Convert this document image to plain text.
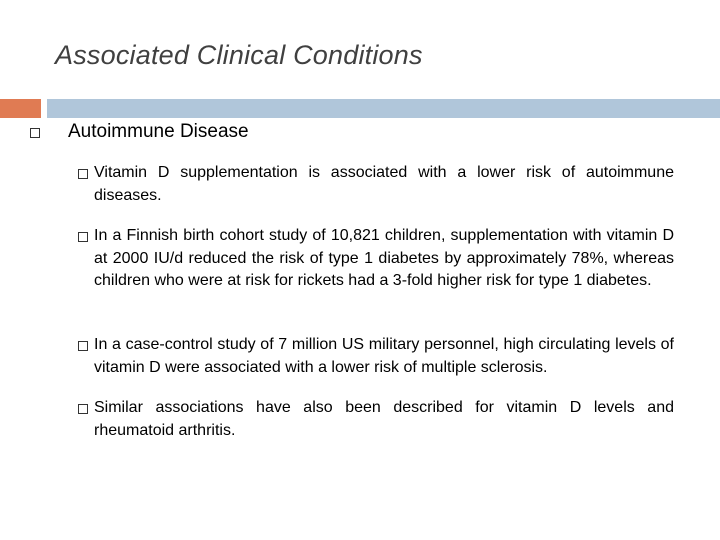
Associated Clinical Conditions
Autoimmune Disease
Vitamin D supplementation is associated with a lower risk of autoimmune diseases.
In a Finnish birth cohort study of 10,821 children, supplementation with vitamin D at 2000 IU/d reduced the risk of type 1 diabetes by approximately 78%, whereas children who were at risk for rickets had a 3-fold higher risk for type 1 diabetes.
In a case-control study of 7 million US military personnel, high circulating levels of vitamin D were associated with a lower risk of multiple sclerosis.
Similar associations have also been described for vitamin D levels and rheumatoid arthritis.
